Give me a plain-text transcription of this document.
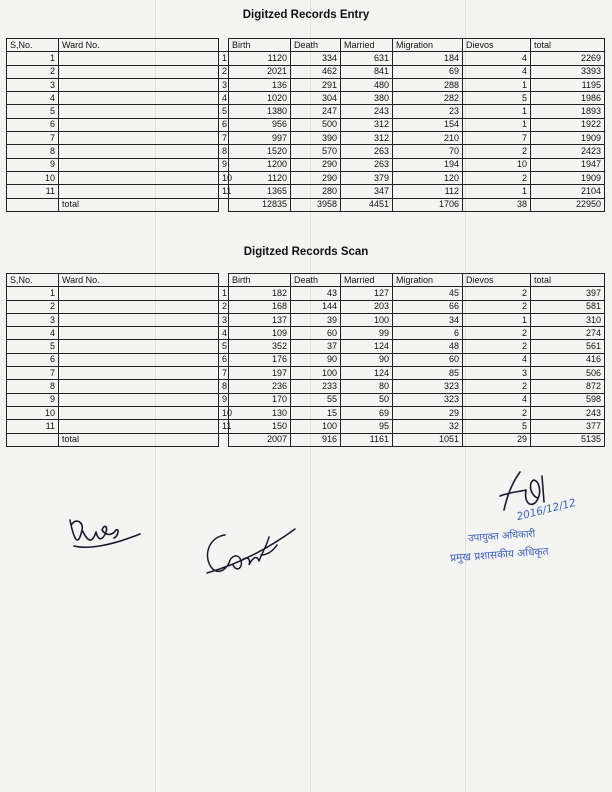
Digitzed Records Entry
S,No.	Ward No.		Birth	Death	Married	Migration	Dievos	total
1		1	1120	334	631	184	4	2269
2		2	2021	462	841	69	4	3393
3		3	136	291	480	288	1	1195
4		4	1020	304	380	282	5	1986
5		5	1380	247	243	23	1	1893
6		6	956	500	312	154	1	1922
7		7	997	390	312	210	7	1909
8		8	1520	570	263	70	2	2423
9		9	1200	290	263	194	10	1947
10		10	1120	290	379	120	2	1909
11		11	1365	280	347	112	1	2104
	total		12835	3958	4451	1706	38	22950
Digitzed Records Scan
S,No.	Ward No.		Birth	Death	Married	Migration	Dievos	total
1		1	182	43	127	45	2	397
2		2	168	144	203	66	2	581
3		3	137	39	100	34	1	310
4		4	109	60	99	6	2	274
5		5	352	37	124	48	2	561
6		6	176	90	90	60	4	416
7		7	197	100	124	85	3	506
8		8	236	233	80	323	2	872
9		9	170	55	50	323	4	598
10		10	130	15	69	29	2	243
11		11	150	100	95	32	5	377
	total		2007	916	1161	1051	29	5135
2016/12/12
उपायुक्त अधिकारी
प्रमुख प्रशासकीय अधिकृत
